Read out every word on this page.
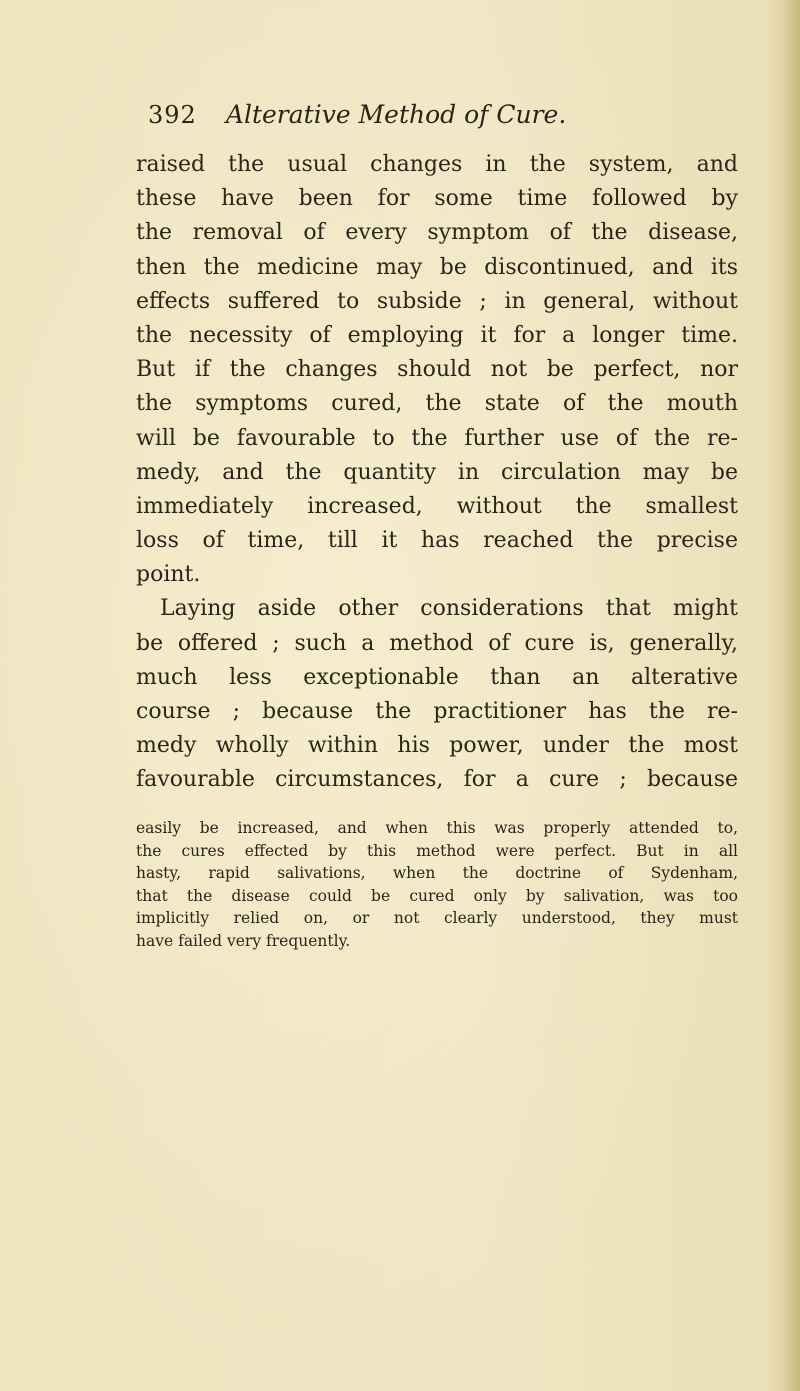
392 Alterative Method of Cure.
raised the usual changes in the system, and
these have been for some time followed by
the removal of every symptom of the disease,
then the medicine may be discontinued, and its
effects suffered to subside ; in general, without
the necessity of employing it for a longer time.
But if the changes should not be perfect, nor
the symptoms cured, the state of the mouth
will be favourable to the further use of the re-
medy, and the quantity in circulation may be
immediately increased, without the smallest
loss of time, till it has reached the precise
point.
Laying aside other considerations that might
be offered ; such a method of cure is, generally,
much less exceptionable than an alterative
course ; because the practitioner has the re-
medy wholly within his power, under the most
favourable circumstances, for a cure ; because
easily be increased, and when this was properly attended to,
the cures effected by this method were perfect. But in all
hasty, rapid salivations, when the doctrine of Sydenham,
that the disease could be cured only by salivation, was too
implicitly relied on, or not clearly understood, they must
have failed very frequently.
